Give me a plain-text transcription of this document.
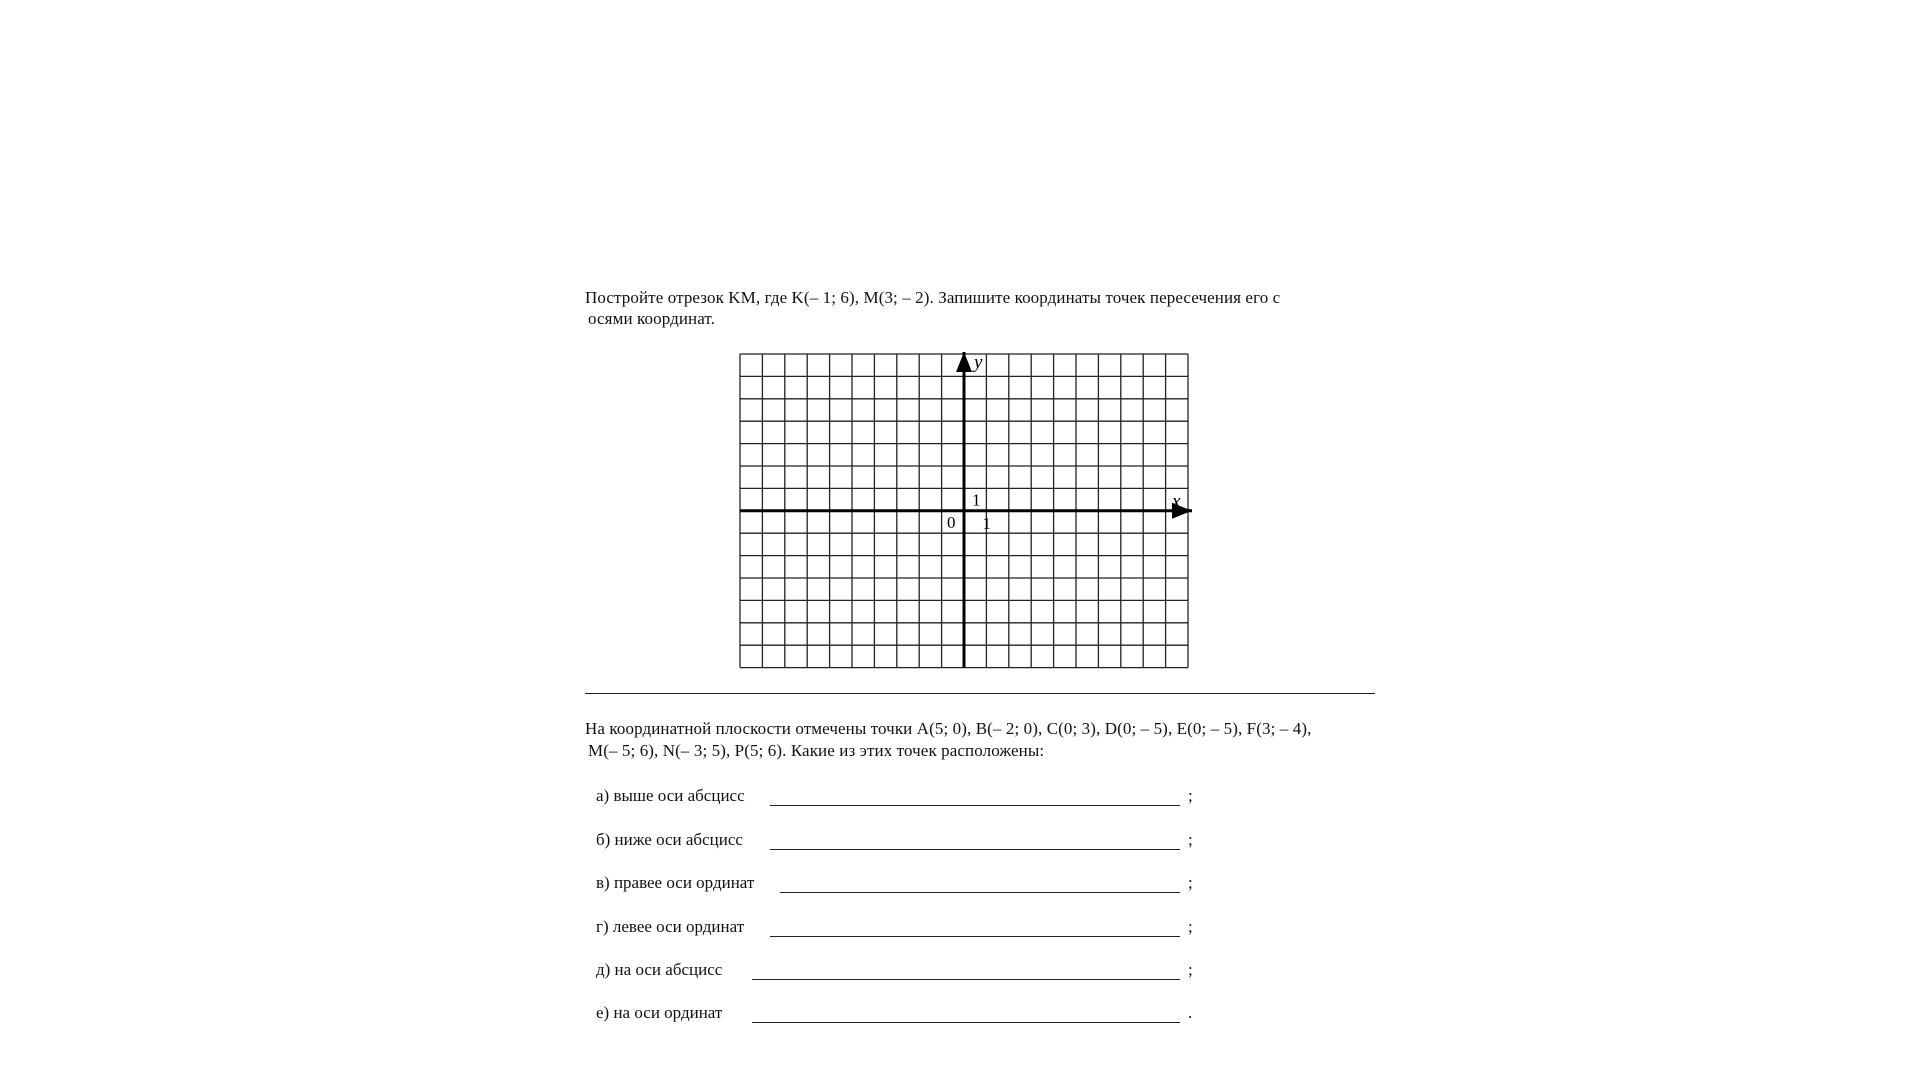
Постройте отрезок KM, где K(– 1; 6), M(3; – 2). Запишите координаты точек пересечения его с
осями координат.
y
x
0
1
1
На координатной плоскости отмечены точки A(5; 0), B(– 2; 0), C(0; 3), D(0; – 5), E(0; – 5), F(3; – 4),
M(– 5; 6), N(– 3; 5), P(5; 6). Какие из этих точек расположены:
а) выше оси абсцисс	;
б) ниже оси абсцисс	;
в) правее оси ординат	;
г) левее оси ординат	;
д) на оси абсцисс	;
е) на оси ординат	.
